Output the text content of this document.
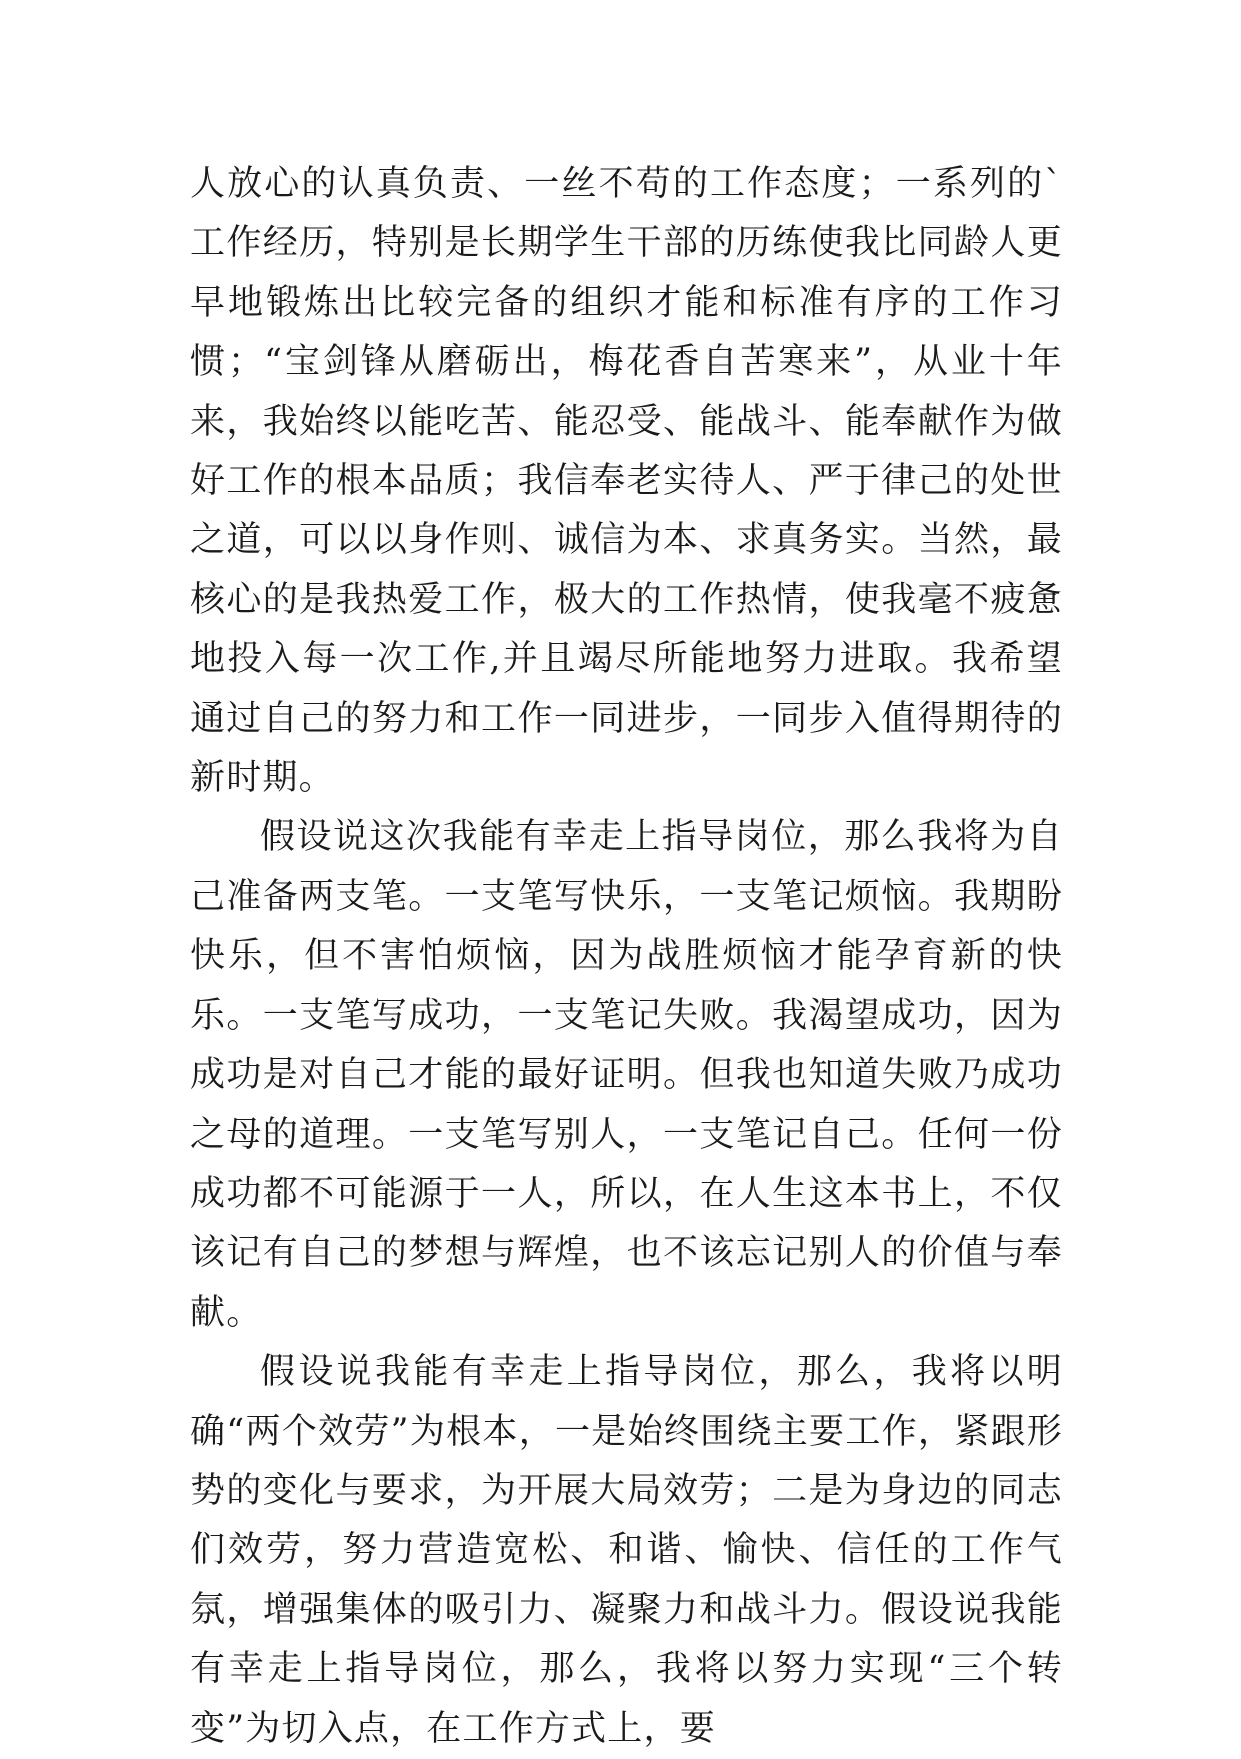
人放心的认真负责、一丝不苟的工作态度；一系列的`工作经历，特别是长期学生干部的历练使我比同龄人更早地锻炼出比较完备的组织才能和标准有序的工作习惯；“宝剑锋从磨砺出，梅花香自苦寒来”，从业十年来，我始终以能吃苦、能忍受、能战斗、能奉献作为做好工作的根本品质；我信奉老实待人、严于律己的处世之道，可以以身作则、诚信为本、求真务实。当然，最核心的是我热爱工作，极大的工作热情，使我毫不疲惫地投入每一次工作,并且竭尽所能地努力进取。我希望通过自己的努力和工作一同进步，一同步入值得期待的新时期。

假设说这次我能有幸走上指导岗位，那么我将为自己准备两支笔。一支笔写快乐，一支笔记烦恼。我期盼快乐，但不害怕烦恼，因为战胜烦恼才能孕育新的快乐。一支笔写成功，一支笔记失败。我渴望成功，因为成功是对自己才能的最好证明。但我也知道失败乃成功之母的道理。一支笔写别人，一支笔记自己。任何一份成功都不可能源于一人，所以，在人生这本书上，不仅该记有自己的梦想与辉煌，也不该忘记别人的价值与奉献。

假设说我能有幸走上指导岗位，那么，我将以明确“两个效劳”为根本，一是始终围绕主要工作，紧跟形势的变化与要求，为开展大局效劳；二是为身边的同志们效劳，努力营造宽松、和谐、愉快、信任的工作气氛，增强集体的吸引力、凝聚力和战斗力。假设说我能有幸走上指导岗位，那么，我将以努力实现“三个转变”为切入点，在工作方式上，要
